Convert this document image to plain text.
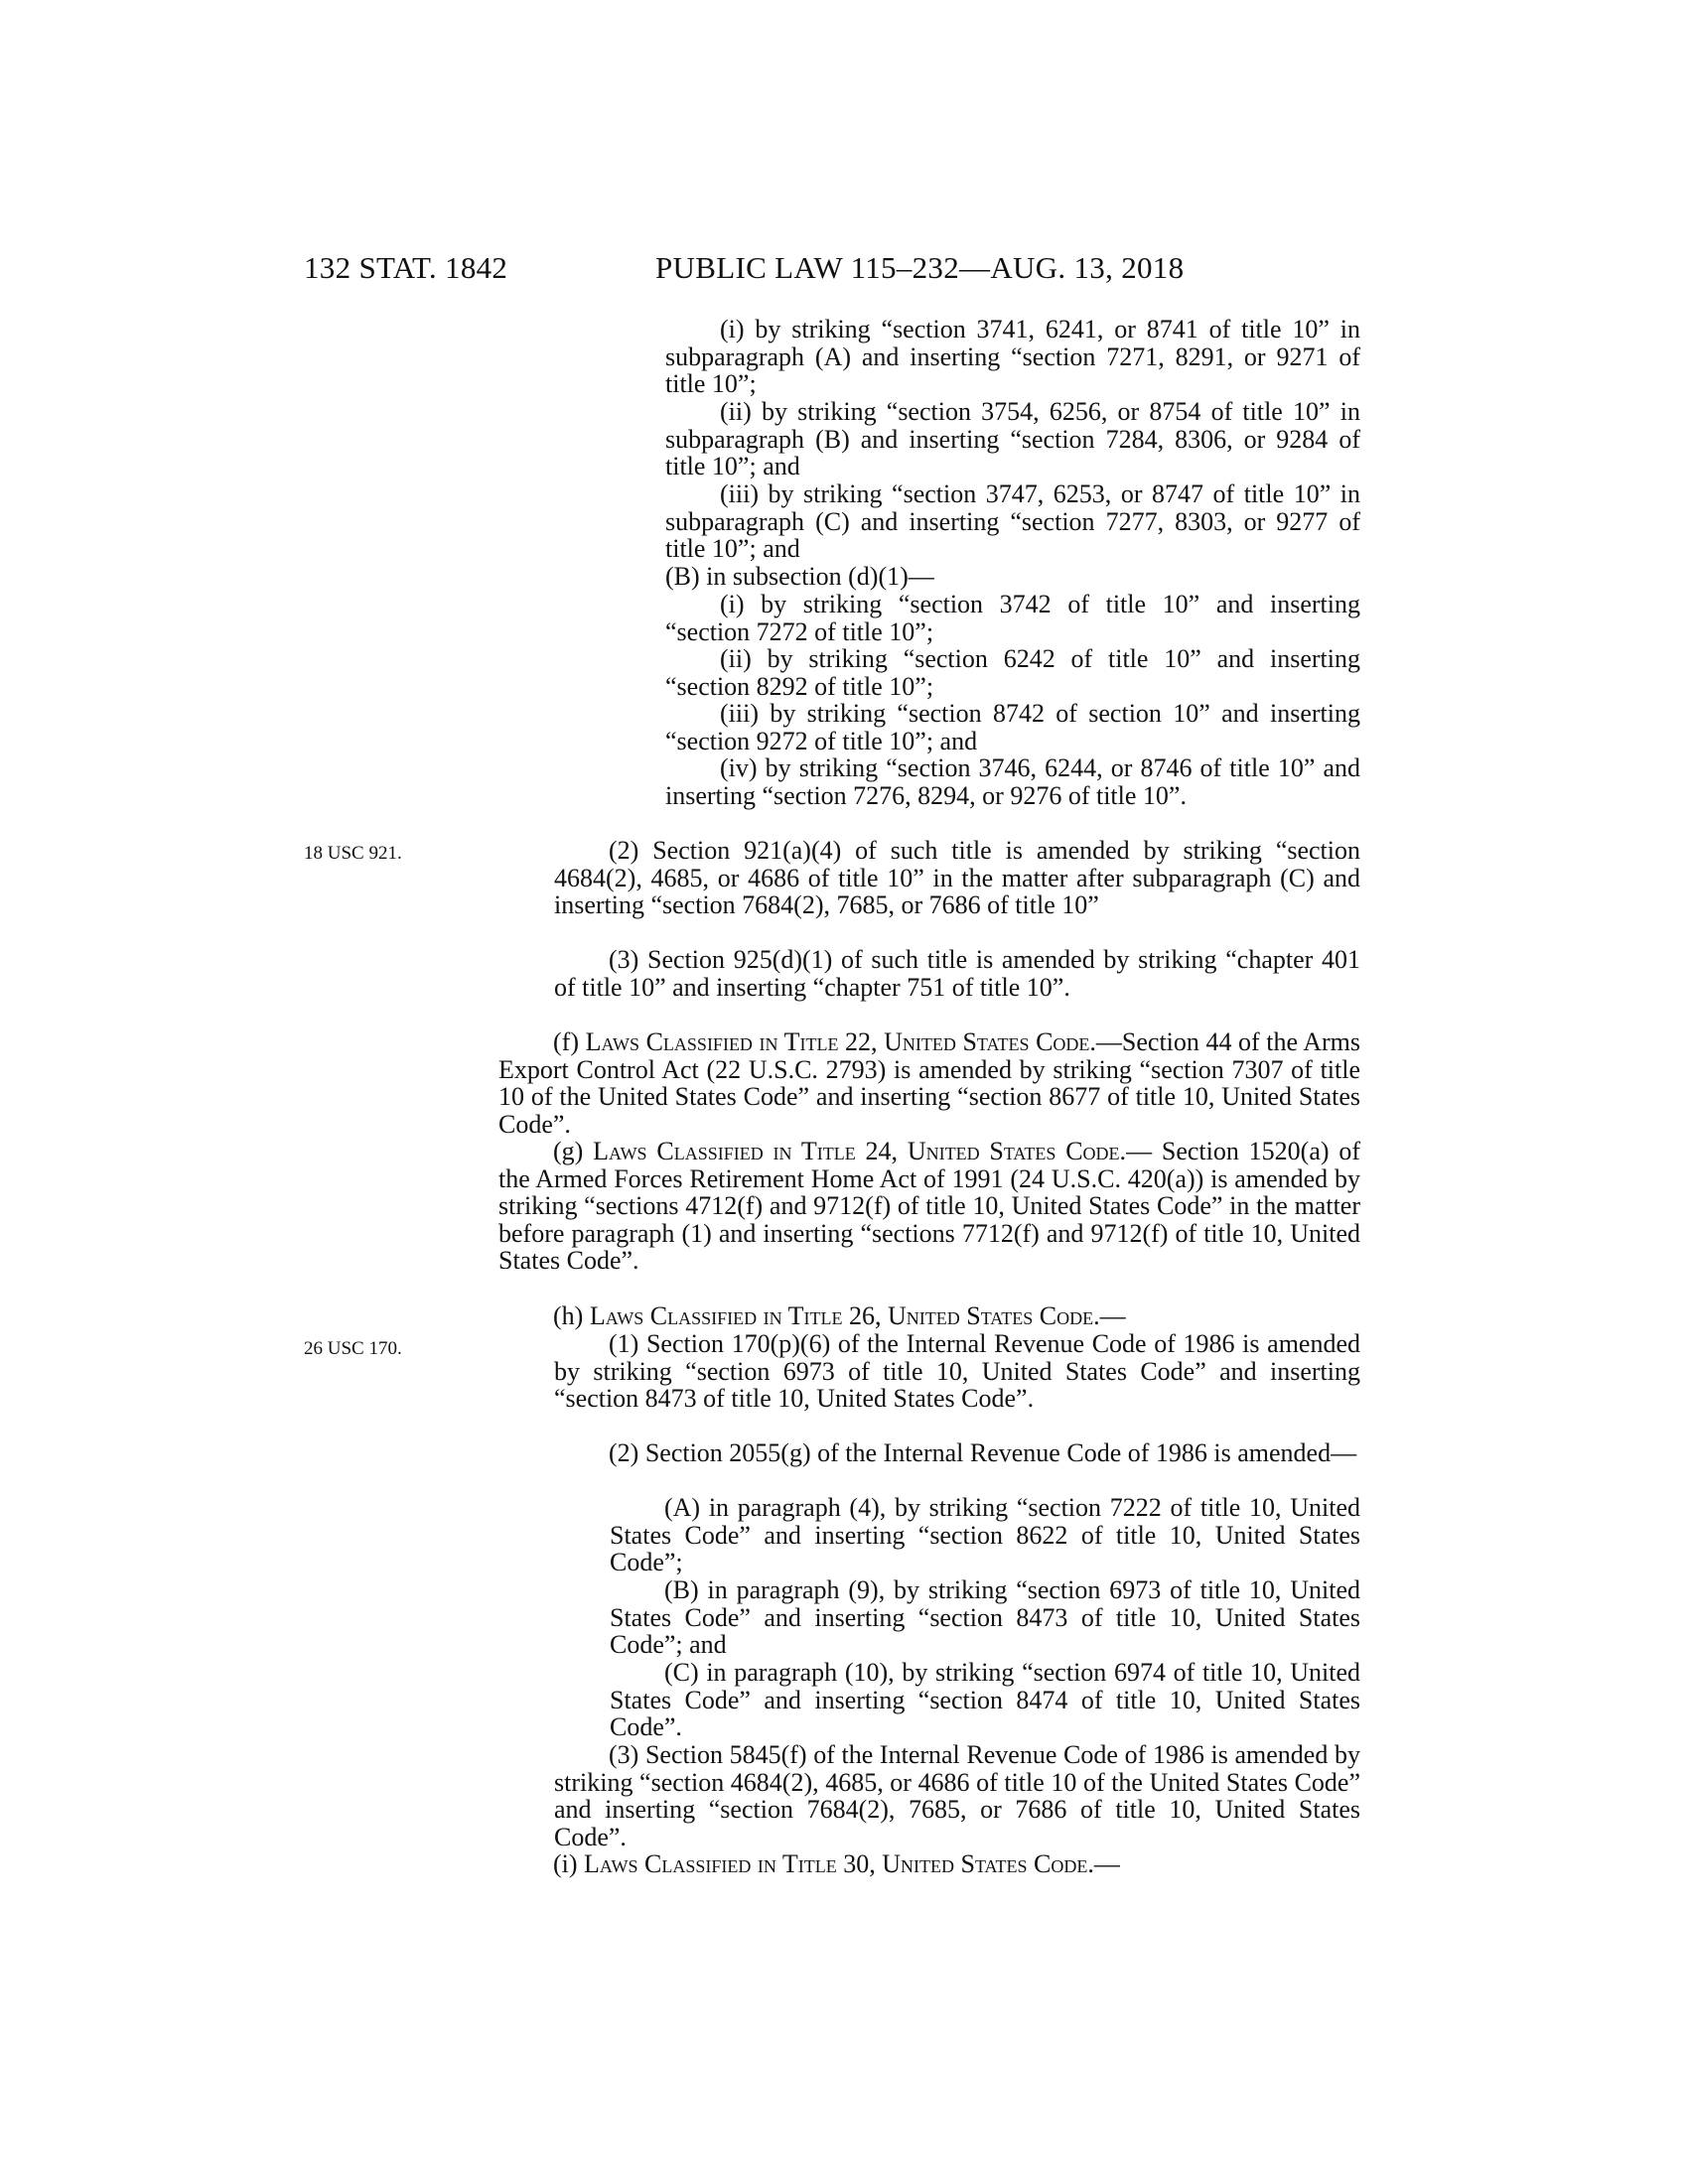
132 STAT. 1842	PUBLIC LAW 115–232—AUG. 13, 2018
18 USC 921.
26 USC 170.

(i) by striking “section 3741, 6241, or 8741 of title 10” in subparagraph (A) and inserting “section 7271, 8291, or 9271 of title 10”;

(ii) by striking “section 3754, 6256, or 8754 of title 10” in subparagraph (B) and inserting “section 7284, 8306, or 9284 of title 10”; and

(iii) by striking “section 3747, 6253, or 8747 of title 10” in subparagraph (C) and inserting “section 7277, 8303, or 9277 of title 10”; and

(B) in subsection (d)(1)—

(i) by striking “section 3742 of title 10” and inserting “section 7272 of title 10”;

(ii) by striking “section 6242 of title 10” and inserting “section 8292 of title 10”;

(iii) by striking “section 8742 of section 10” and inserting “section 9272 of title 10”; and

(iv) by striking “section 3746, 6244, or 8746 of title 10” and inserting “section 7276, 8294, or 9276 of title 10”.

(2) Section 921(a)(4) of such title is amended by striking “section 4684(2), 4685, or 4686 of title 10” in the matter after subparagraph (C) and inserting “section 7684(2), 7685, or 7686 of title 10”

(3) Section 925(d)(1) of such title is amended by striking “chapter 401 of title 10” and inserting “chapter 751 of title 10”.

(f) Laws Classified in Title 22, United States Code.—Section 44 of the Arms Export Control Act (22 U.S.C. 2793) is amended by striking “section 7307 of title 10 of the United States Code” and inserting “section 8677 of title 10, United States Code”.

(g) Laws Classified in Title 24, United States Code.— Section 1520(a) of the Armed Forces Retirement Home Act of 1991 (24 U.S.C. 420(a)) is amended by striking “sections 4712(f) and 9712(f) of title 10, United States Code” in the matter before paragraph (1) and inserting “sections 7712(f) and 9712(f) of title 10, United States Code”.

(h) Laws Classified in Title 26, United States Code.—

(1) Section 170(p)(6) of the Internal Revenue Code of 1986 is amended by striking “section 6973 of title 10, United States Code” and inserting “section 8473 of title 10, United States Code”.

(2) Section 2055(g) of the Internal Revenue Code of 1986 is amended—

(A) in paragraph (4), by striking “section 7222 of title 10, United States Code” and inserting “section 8622 of title 10, United States Code”;

(B) in paragraph (9), by striking “section 6973 of title 10, United States Code” and inserting “section 8473 of title 10, United States Code”; and

(C) in paragraph (10), by striking “section 6974 of title 10, United States Code” and inserting “section 8474 of title 10, United States Code”.

(3) Section 5845(f) of the Internal Revenue Code of 1986 is amended by striking “section 4684(2), 4685, or 4686 of title 10 of the United States Code” and inserting “section 7684(2), 7685, or 7686 of title 10, United States Code”.

(i) Laws Classified in Title 30, United States Code.—
